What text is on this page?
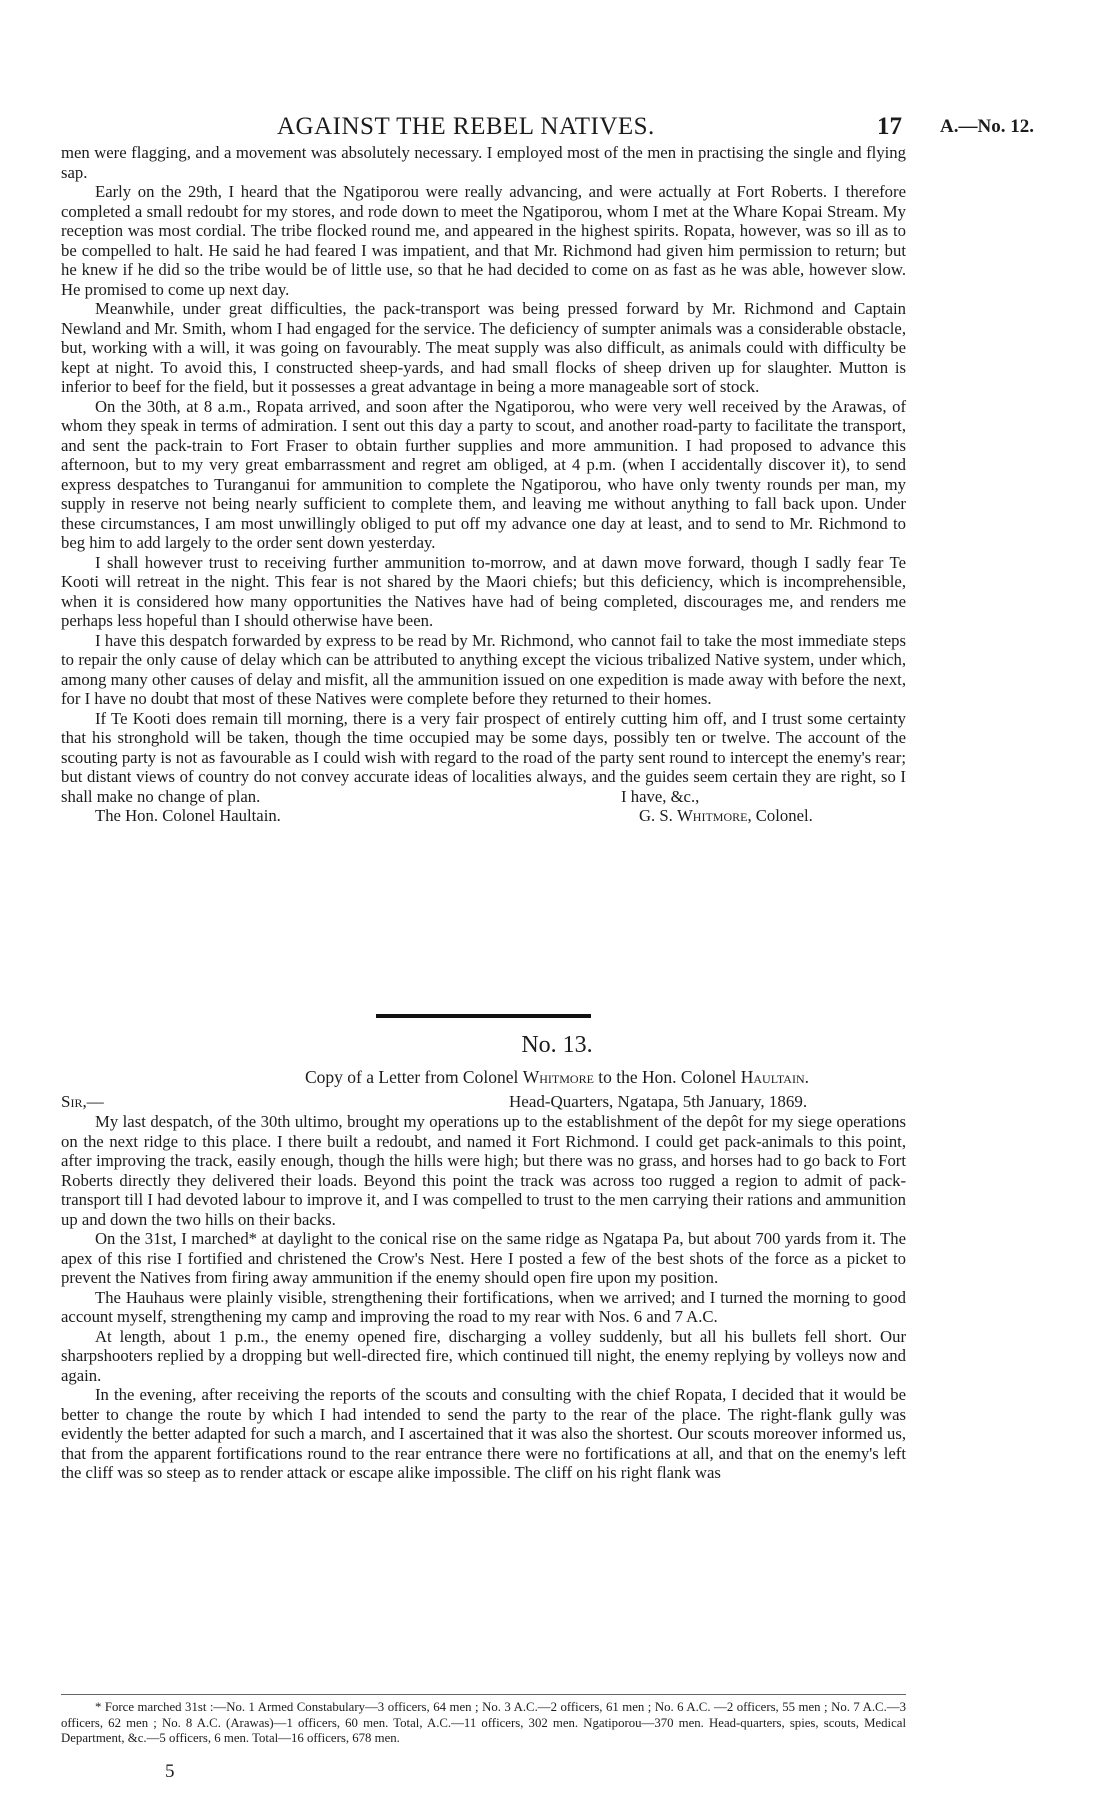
AGAINST THE REBEL NATIVES.	17 A.—No. 12.

men were flagging, and a movement was absolutely necessary. I employed most of the men in practising the single and flying sap.

Early on the 29th, I heard that the Ngatiporou were really advancing, and were actually at Fort Roberts. I therefore completed a small redoubt for my stores, and rode down to meet the Ngatiporou, whom I met at the Whare Kopai Stream. My reception was most cordial. The tribe flocked round me, and appeared in the highest spirits. Ropata, however, was so ill as to be compelled to halt. He said he had feared I was impatient, and that Mr. Richmond had given him permission to return; but he knew if he did so the tribe would be of little use, so that he had decided to come on as fast as he was able, however slow. He promised to come up next day.

Meanwhile, under great difficulties, the pack-transport was being pressed forward by Mr. Richmond and Captain Newland and Mr. Smith, whom I had engaged for the service. The deficiency of sumpter animals was a considerable obstacle, but, working with a will, it was going on favourably. The meat supply was also difficult, as animals could with difficulty be kept at night. To avoid this, I constructed sheep-yards, and had small flocks of sheep driven up for slaughter. Mutton is inferior to beef for the field, but it possesses a great advantage in being a more manageable sort of stock.

On the 30th, at 8 a.m., Ropata arrived, and soon after the Ngatiporou, who were very well received by the Arawas, of whom they speak in terms of admiration. I sent out this day a party to scout, and another road-party to facilitate the transport, and sent the pack-train to Fort Fraser to obtain further supplies and more ammunition. I had proposed to advance this afternoon, but to my very great embarrassment and regret am obliged, at 4 p.m. (when I accidentally discover it), to send express despatches to Turanganui for ammunition to complete the Ngatiporou, who have only twenty rounds per man, my supply in reserve not being nearly sufficient to complete them, and leaving me without anything to fall back upon. Under these circumstances, I am most unwillingly obliged to put off my advance one day at least, and to send to Mr. Richmond to beg him to add largely to the order sent down yesterday.

I shall however trust to receiving further ammunition to-morrow, and at dawn move forward, though I sadly fear Te Kooti will retreat in the night. This fear is not shared by the Maori chiefs; but this deficiency, which is incomprehensible, when it is considered how many opportunities the Natives have had of being completed, discourages me, and renders me perhaps less hopeful than I should otherwise have been.

I have this despatch forwarded by express to be read by Mr. Richmond, who cannot fail to take the most immediate steps to repair the only cause of delay which can be attributed to anything except the vicious tribalized Native system, under which, among many other causes of delay and misfit, all the ammunition issued on one expedition is made away with before the next, for I have no doubt that most of these Natives were complete before they returned to their homes.

If Te Kooti does remain till morning, there is a very fair prospect of entirely cutting him off, and I trust some certainty that his stronghold will be taken, though the time occupied may be some days, possibly ten or twelve. The account of the scouting party is not as favourable as I could wish with regard to the road of the party sent round to intercept the enemy's rear; but distant views of country do not convey accurate ideas of localities always, and the guides seem certain they are right, so I shall make no change of plan.

The Hon. Colonel Haultain.
I have, &c.,
G. S. Whitmore, Colonel.
No. 13.
Copy of a Letter from Colonel Whitmore to the Hon. Colonel Haultain.
Sir,—	Head-Quarters, Ngatapa, 5th January, 1869.

My last despatch, of the 30th ultimo, brought my operations up to the establishment of the depôt for my siege operations on the next ridge to this place. I there built a redoubt, and named it Fort Richmond. I could get pack-animals to this point, after improving the track, easily enough, though the hills were high; but there was no grass, and horses had to go back to Fort Roberts directly they delivered their loads. Beyond this point the track was across too rugged a region to admit of pack-transport till I had devoted labour to improve it, and I was compelled to trust to the men carrying their rations and ammunition up and down the two hills on their backs.

On the 31st, I marched* at daylight to the conical rise on the same ridge as Ngatapa Pa, but about 700 yards from it. The apex of this rise I fortified and christened the Crow's Nest. Here I posted a few of the best shots of the force as a picket to prevent the Natives from firing away ammunition if the enemy should open fire upon my position.

The Hauhaus were plainly visible, strengthening their fortifications, when we arrived; and I turned the morning to good account myself, strengthening my camp and improving the road to my rear with Nos. 6 and 7 A.C.

At length, about 1 p.m., the enemy opened fire, discharging a volley suddenly, but all his bullets fell short. Our sharpshooters replied by a dropping but well-directed fire, which continued till night, the enemy replying by volleys now and again.

In the evening, after receiving the reports of the scouts and consulting with the chief Ropata, I decided that it would be better to change the route by which I had intended to send the party to the rear of the place. The right-flank gully was evidently the better adapted for such a march, and I ascertained that it was also the shortest. Our scouts moreover informed us, that from the apparent fortifications round to the rear entrance there were no fortifications at all, and that on the enemy's left the cliff was so steep as to render attack or escape alike impossible. The cliff on his right flank was

* Force marched 31st :—No. 1 Armed Constabulary—3 officers, 64 men ; No. 3 A.C.—2 officers, 61 men ; No. 6 A.C. —2 officers, 55 men ; No. 7 A.C.—3 officers, 62 men ; No. 8 A.C. (Arawas)—1 officers, 60 men. Total, A.C.—11 officers, 302 men. Ngatiporou—370 men. Head-quarters, spies, scouts, Medical Department, &c.—5 officers, 6 men. Total—16 officers, 678 men.

5
